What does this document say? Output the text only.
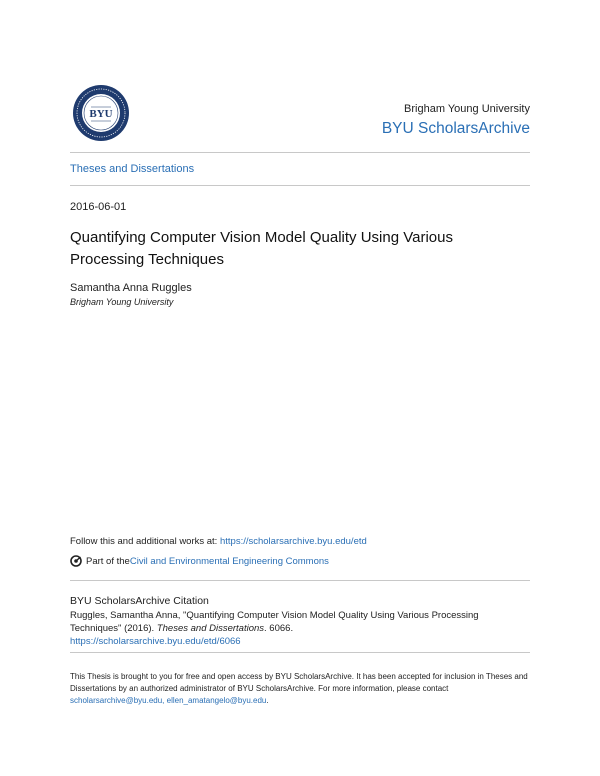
BYU	Brigham Young University
BYU ScholarsArchive
Theses and Dissertations
2016-06-01
Quantifying Computer Vision Model Quality Using Various Processing Techniques
Samantha Anna Ruggles
Brigham Young University
Follow this and additional works at: https://scholarsarchive.byu.edu/etd
Part of the Civil and Environmental Engineering Commons
BYU ScholarsArchive Citation
Ruggles, Samantha Anna, "Quantifying Computer Vision Model Quality Using Various Processing Techniques" (2016). Theses and Dissertations. 6066.
https://scholarsarchive.byu.edu/etd/6066
This Thesis is brought to you for free and open access by BYU ScholarsArchive. It has been accepted for inclusion in Theses and Dissertations by an authorized administrator of BYU ScholarsArchive. For more information, please contact scholarsarchive@byu.edu, ellen_amatangelo@byu.edu.
